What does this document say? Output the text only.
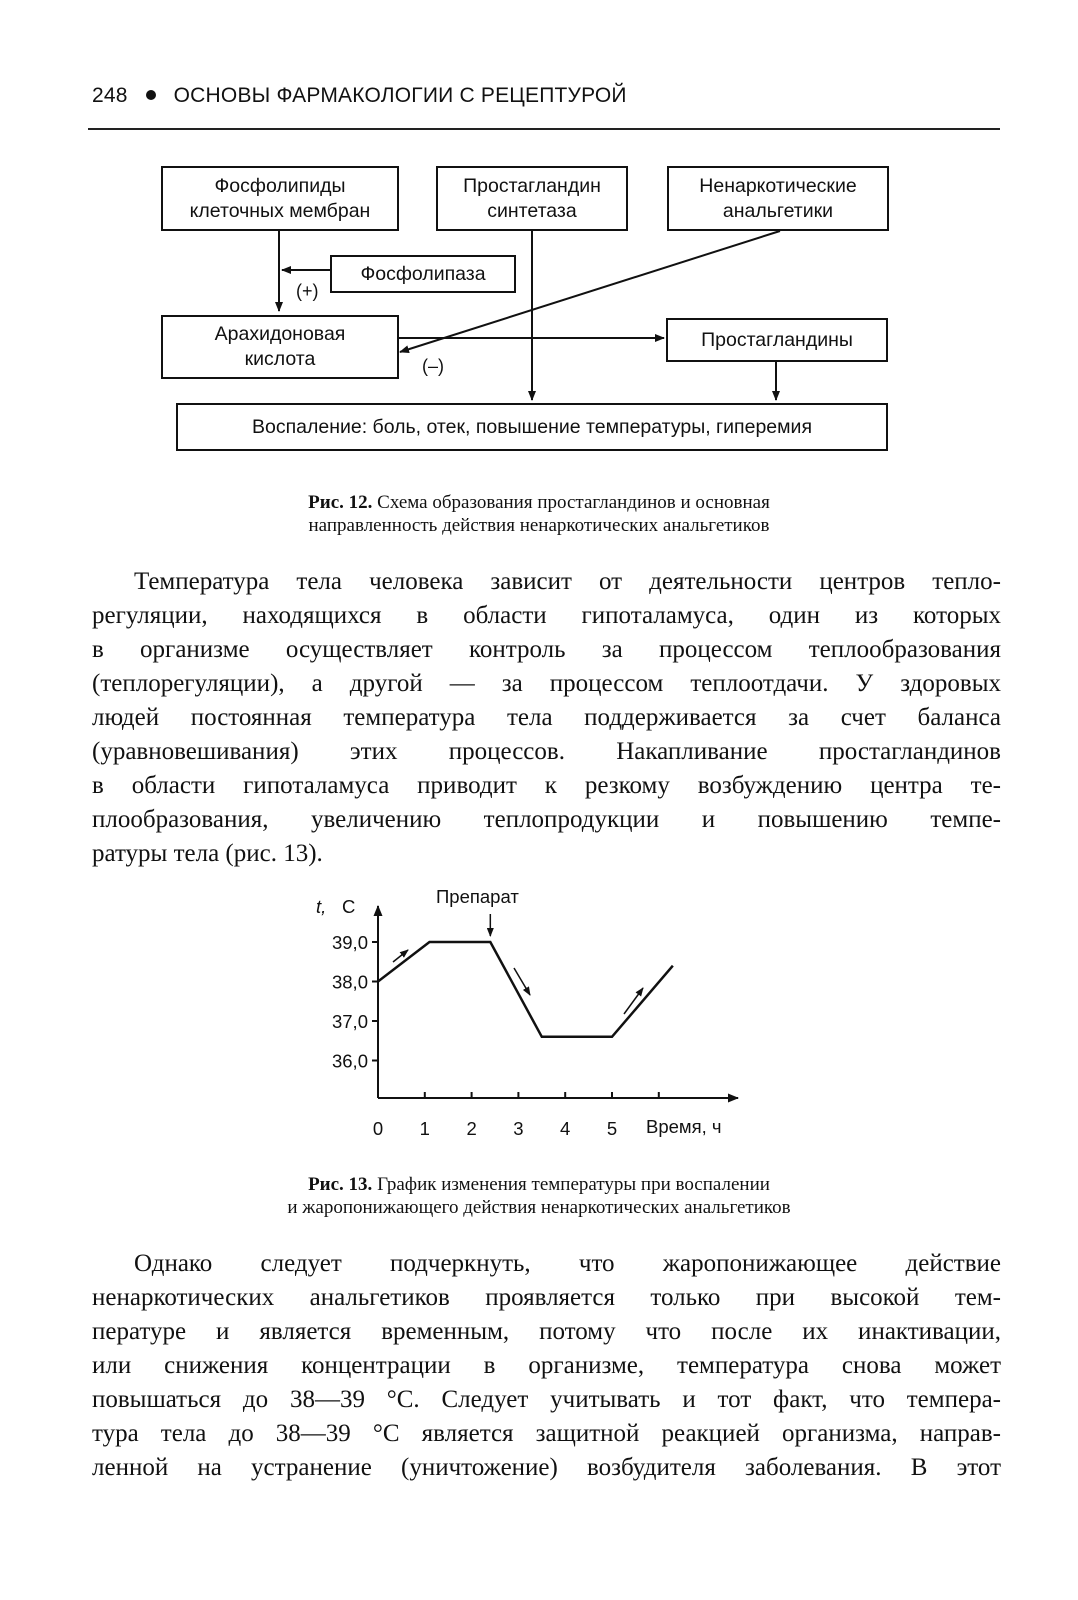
248 ОСНОВЫ ФАРМАКОЛОГИИ С РЕЦЕПТУРОЙ
Фосфолипиды
клеточных мембран
Простагландин
синтетаза
Ненаркотические
анальгетики
Фосфолипаза
(+)
Арахидоновая
кислота	(–)
Простагландины
Воспаление: боль, отек, повышение температуры, гиперемия
Рис. 12. Схема образования простагландинов и основная
направленность действия ненаркотических анальгетиков

Температура тела человека зависит от деятельности центров тепло-
регуляции, находящихся в области гипоталамуса, один из которых
в организме осуществляет контроль за процессом теплообразования
(теплорегуляции), а другой — за процессом теплоотдачи. У здоровых
людей постоянная температура тела поддерживается за счет баланса
(уравновешивания) этих процессов. Накапливание простагландинов
в области гипоталамуса приводит к резкому возбуждению центра те-
плообразования, увеличению теплопродукции и повышению темпе-
ратуры тела (рис. 13).

t, C	Препарат
Время, ч
39,0
38,0
37,0
36,0
0 1 2 3 4 5
Рис. 13. График изменения температуры при воспалении
и жаропонижающего действия ненаркотических анальгетиков

Однако следует подчеркнуть, что жаропонижающее действие
ненаркотических анальгетиков проявляется только при высокой тем-
пературе и является временным, потому что после их инактивации,
или снижения концентрации в организме, температура снова может
повышаться до 38—39 °С. Следует учитывать и тот факт, что темпера-
тура тела до 38—39 °С является защитной реакцией организма, направ-
ленной на устранение (уничтожение) возбудителя заболевания. В этот
